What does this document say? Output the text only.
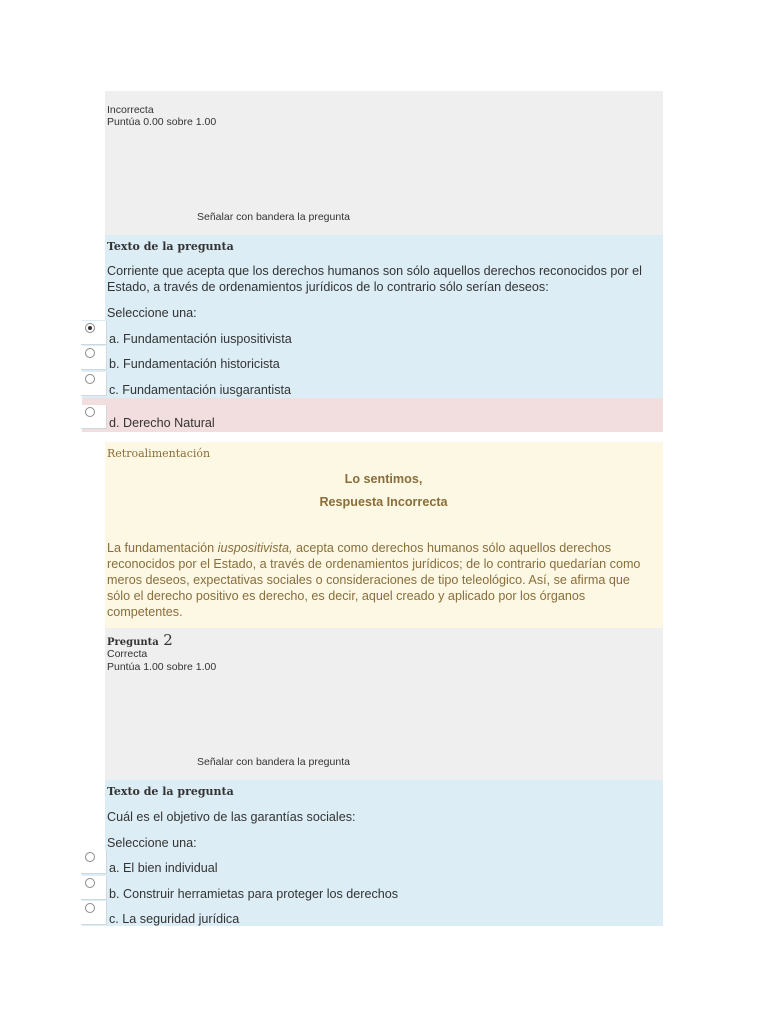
Incorrecta
Puntúa 0.00 sobre 1.00
Señalar con bandera la pregunta
Texto de la pregunta
Corriente que acepta que los derechos humanos son sólo aquellos derechos reconocidos por el Estado, a través de ordenamientos jurídicos de lo contrario sólo serían deseos:
Seleccione una:
a. Fundamentación iuspositivista
b. Fundamentación historicista
c. Fundamentación iusgarantista
d. Derecho Natural
Retroalimentación
Lo sentimos,
Respuesta Incorrecta
La fundamentación iuspositivista, acepta como derechos humanos sólo aquellos derechos reconocidos por el Estado, a través de ordenamientos jurídicos; de lo contrario quedarían como meros deseos, expectativas sociales o consideraciones de tipo teleológico. Así, se afirma que sólo el derecho positivo es derecho, es decir, aquel creado y aplicado por los órganos competentes.
Pregunta 2
Correcta
Puntúa 1.00 sobre 1.00
Señalar con bandera la pregunta
Texto de la pregunta
Cuál es el objetivo de las garantías sociales:
Seleccione una:
a. El bien individual
b. Construir herramietas para proteger los derechos
c. La seguridad jurídica
